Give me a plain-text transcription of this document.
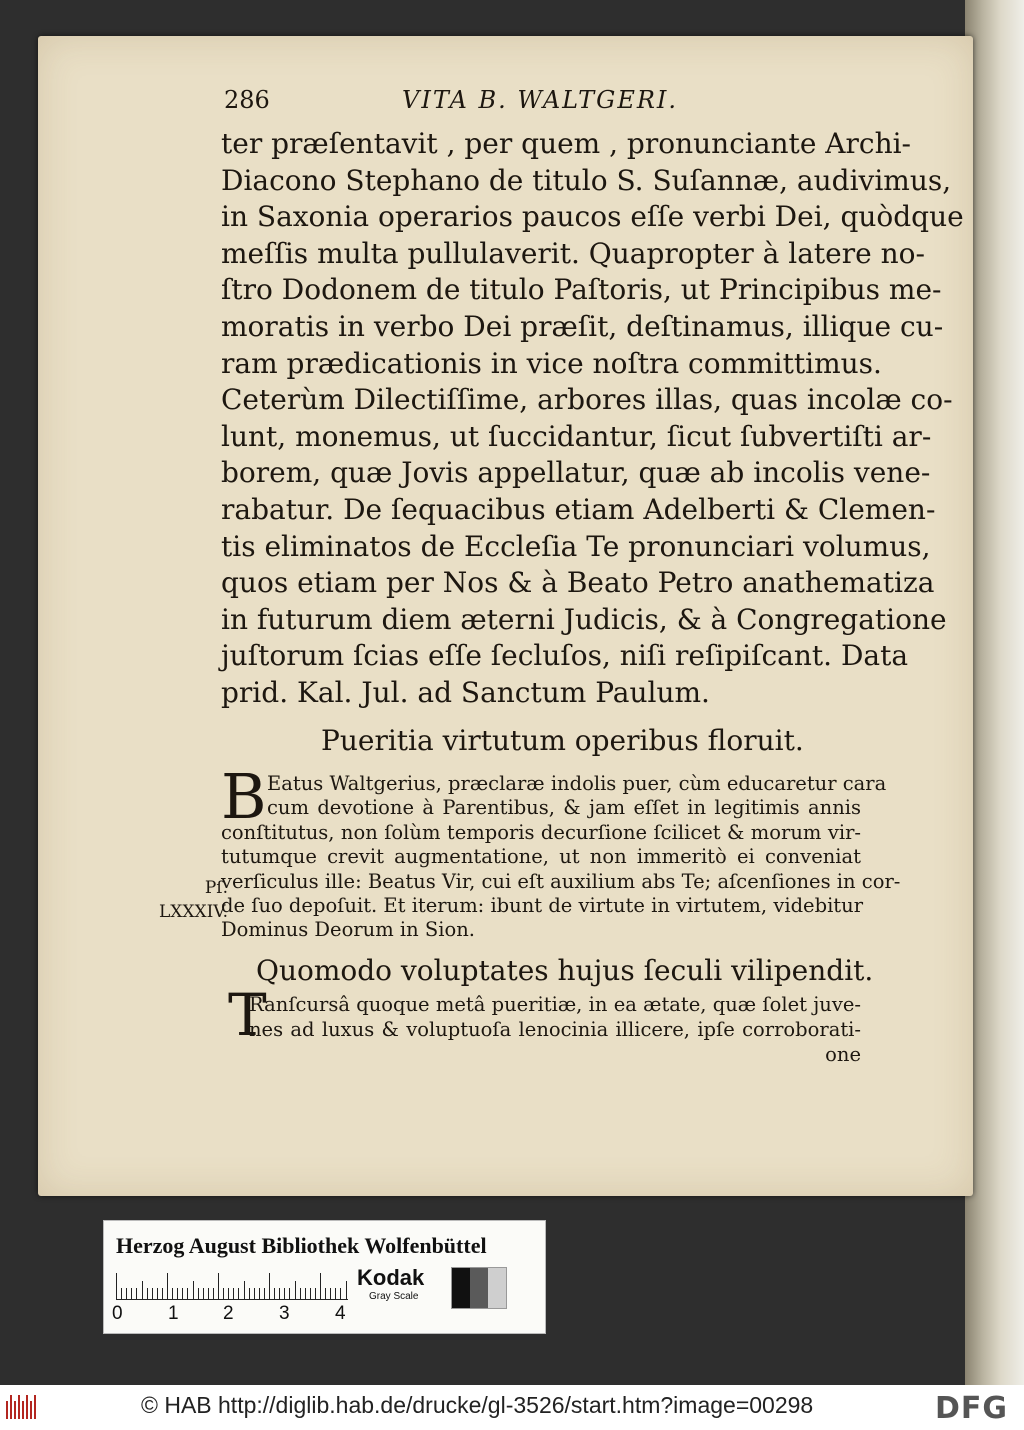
286	VITA B. WALTGERI.
ter præſentavit , per quem , pronunciante Archi-
Diacono Stephano de titulo S. Suſannæ, audivimus,
in Saxonia operarios paucos eſſe verbi Dei, quòdque
meſſis multa pullulaverit. Quapropter à latere no-
ſtro Dodonem de titulo Paſtoris, ut Principibus me-
moratis in verbo Dei præſit, deſtinamus, illique cu-
ram prædicationis in vice noſtra committimus.
Ceterùm Dilectiſſime, arbores illas, quas incolæ co-
lunt, monemus, ut ſuccidantur, ſicut ſubvertiſti ar-
borem, quæ Jovis appellatur, quæ ab incolis vene-
rabatur. De ſequacibus etiam Adelberti & Clemen-
tis eliminatos de Eccleſia Te pronunciari volumus,
quos etiam per Nos & à Beato Petro anathematiza
in futurum diem æterni Judicis, & à Congregatione
juſtorum ſcias eſſe ſecluſos, niſi reſipiſcant. Data
prid. Kal. Jul. ad Sanctum Paulum.
Pueritia virtutum operibus floruit.
B Eatus Waltgerius, præclaræ indolis puer, cùm educaretur cara
cum devotione à Parentibus, & jam eſſet in legitimis annis
conſtitutus, non ſolùm temporis decurſione ſcilicet & morum vir-
tutumque crevit augmentatione, ut non immeritò ei conveniat
verſiculus ille: Beatus Vir, cui eſt auxilium abs Te; aſcenſiones in cor-
de ſuo depoſuit. Et iterum: ibunt de virtute in virtutem, videbitur
Dominus Deorum in Sion.
Pſ.
LXXXIV.
Quomodo voluptates hujus ſeculi vilipendit.
T
Ranſcursâ quoque metâ pueritiæ, in ea ætate, quæ ſolet juve-
nes ad luxus & voluptuoſa lenocinia illicere, ipſe corroborati-
one
Herzog August Bibliothek Wolfenbüttel
0 1 2 3 4
Kodak
Gray Scale
© HAB http://diglib.hab.de/drucke/gl-3526/start.htm?image=00298	DFG
